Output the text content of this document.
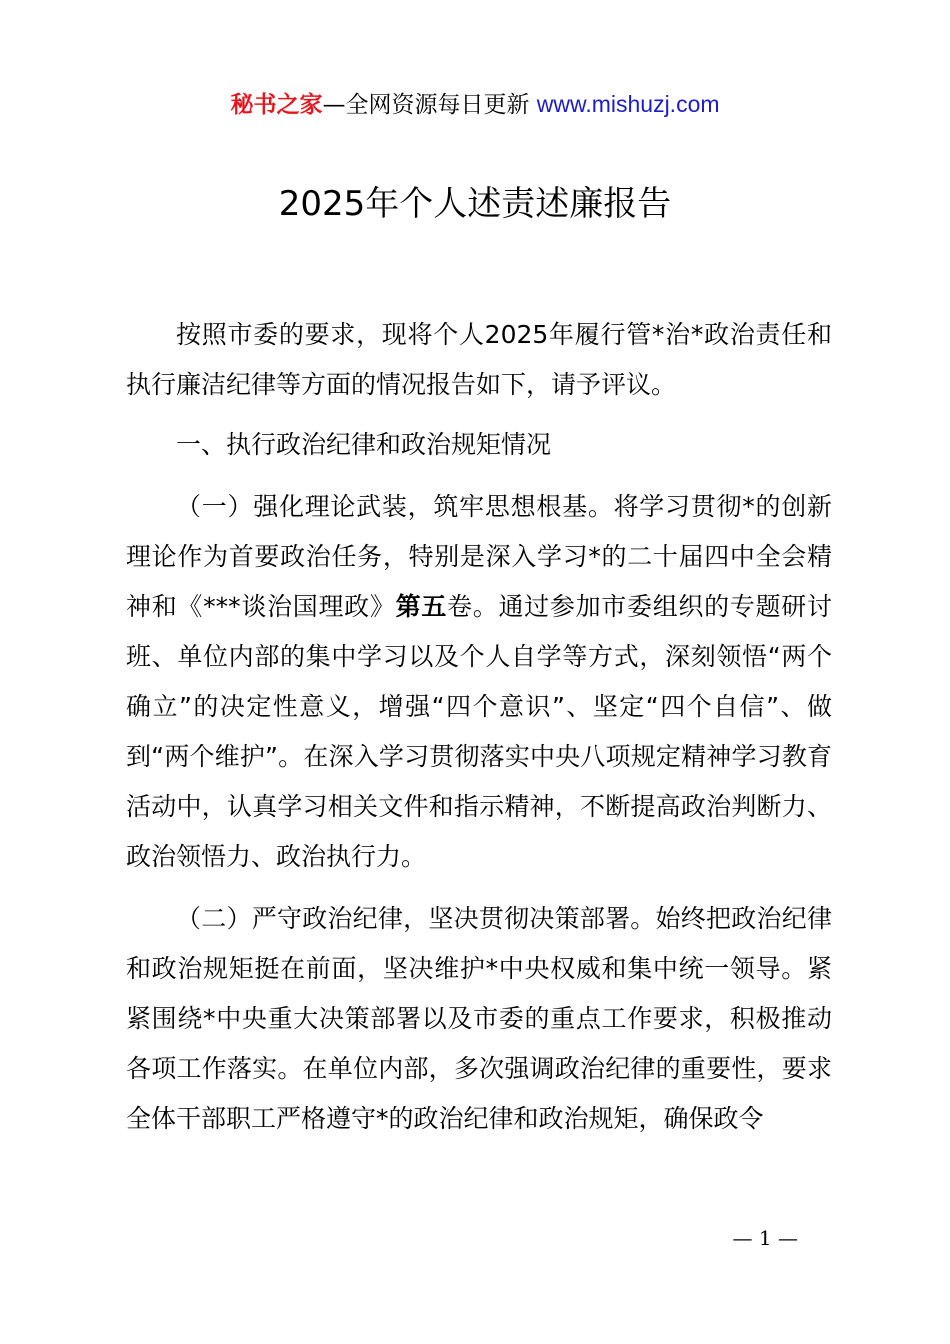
秘书之家—全网资源每日更新 www.mishuzj.com
2025年个人述责述廉报告

按照市委的要求，现将个人2025年履行管*治*政治责任和执行廉洁纪律等方面的情况报告如下，请予评议。

一、执行政治纪律和政治规矩情况

（一）强化理论武装，筑牢思想根基。将学习贯彻*的创新理论作为首要政治任务，特别是深入学习*的二十届四中全会精神和《***谈治国理政》第五卷。通过参加市委组织的专题研讨班、单位内部的集中学习以及个人自学等方式，深刻领悟“两个确立”的决定性意义，增强“四个意识”、坚定“四个自信”、做到“两个维护”。在深入学习贯彻落实中央八项规定精神学习教育活动中，认真学习相关文件和指示精神，不断提高政治判断力、政治领悟力、政治执行力。

（二）严守政治纪律，坚决贯彻决策部署。始终把政治纪律和政治规矩挺在前面，坚决维护*中央权威和集中统一领导。紧紧围绕*中央重大决策部署以及市委的重点工作要求，积极推动各项工作落实。在单位内部，多次强调政治纪律的重要性，要求全体干部职工严格遵守*的政治纪律和政治规矩，确保政令

— 1 —
